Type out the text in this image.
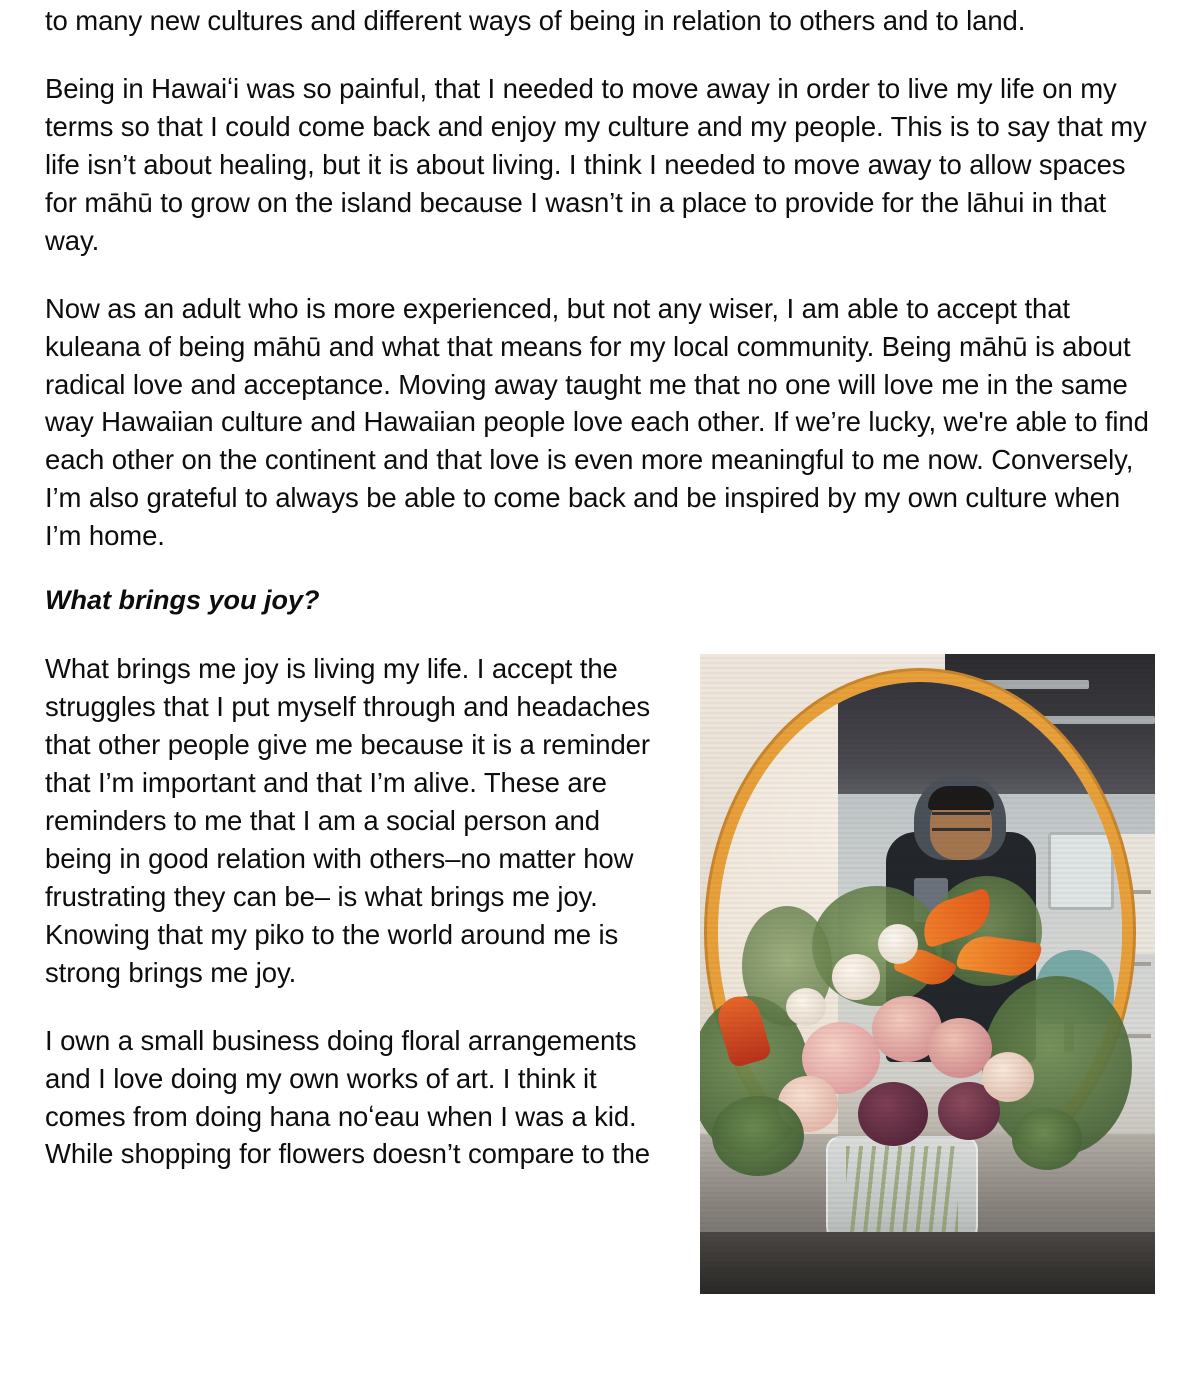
to many new cultures and different ways of being in relation to others and to land.

Being in Hawaiʻi was so painful, that I needed to move away in order to live my life on my terms so that I could come back and enjoy my culture and my people. This is to say that my life isn’t about healing, but it is about living. I think I needed to move away to allow spaces for māhū to grow on the island because I wasn’t in a place to provide for the lāhui in that way.

Now as an adult who is more experienced, but not any wiser, I am able to accept that kuleana of being māhū and what that means for my local community. Being māhū is about radical love and acceptance. Moving away taught me that no one will love me in the same way Hawaiian culture and Hawaiian people love each other. If we’re lucky, we're able to find each other on the continent and that love is even more meaningful to me now. Conversely, I’m also grateful to always be able to come back and be inspired by my own culture when I’m home.

What brings you joy?

What brings me joy is living my life. I accept the struggles that I put myself through and headaches that other people give me because it is a reminder that I’m important and that I’m alive. These are reminders to me that I am a social person and being in good relation with others–no matter how frustrating they can be– is what brings me joy. Knowing that my piko to the world around me is strong brings me joy.

I own a small business doing floral arrangements and I love doing my own works of art. I think it comes from doing hana noʻeau when I was a kid. While shopping for flowers doesn’t compare to the
